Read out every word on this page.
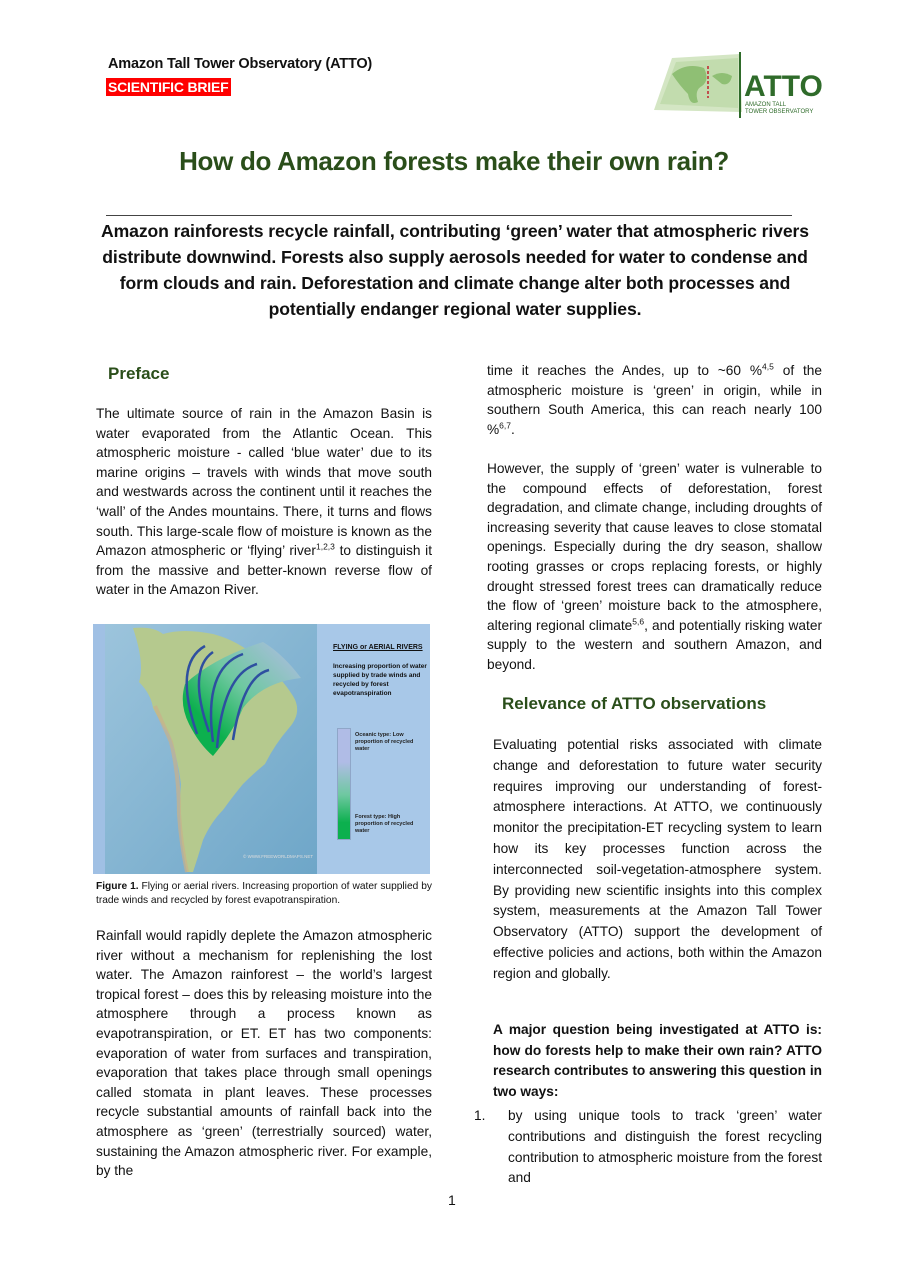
Amazon Tall Tower Observatory (ATTO)
SCIENTIFIC BRIEF	ATTO
AMAZON TALL
TOWER OBSERVATORY
How do Amazon forests make their own rain?
Amazon rainforests recycle rainfall, contributing ‘green’ water that atmospheric rivers distribute downwind. Forests also supply aerosols needed for water to condense and form clouds and rain. Deforestation and climate change alter both processes and potentially endanger regional water supplies.
Preface
The ultimate source of rain in the Amazon Basin is water evaporated from the Atlantic Ocean. This atmospheric moisture - called ‘blue water’ due to its marine origins – travels with winds that move south and westwards across the continent until it reaches the ‘wall’ of the Andes mountains. There, it turns and flows south. This large-scale flow of moisture is known as the Amazon atmospheric or ‘flying’ river$^{1,2,3}$ to distinguish it from the massive and better-known reverse flow of water in the Amazon River.
FLYING or AERIAL RIVERS
Increasing proportion of water supplied by trade winds and recycled by forest evapotranspiration
Oceanic type: Low proportion of recycled water
Forest type: High proportion of recycled water
© WWW.FREEWORLDMAPS.NET
Figure 1. Flying or aerial rivers. Increasing proportion of water supplied by trade winds and recycled by forest evapotranspiration.
Rainfall would rapidly deplete the Amazon atmospheric river without a mechanism for replenishing the lost water. The Amazon rainforest – the world’s largest tropical forest – does this by releasing moisture into the atmosphere through a process known as evapotranspiration, or ET. ET has two components: evaporation of water from surfaces and transpiration, evaporation that takes place through small openings called stomata in plant leaves. These processes recycle substantial amounts of rainfall back into the atmosphere as ‘green’ (terrestrially sourced) water, sustaining the Amazon atmospheric river. For example, by the
time it reaches the Andes, up to ~60 %$^{4,5}$ of the atmospheric moisture is ‘green’ in origin, while in southern South America, this can reach nearly 100 %$^{6,7}$.
However, the supply of ‘green’ water is vulnerable to the compound effects of deforestation, forest degradation, and climate change, including droughts of increasing severity that cause leaves to close stomatal openings. Especially during the dry season, shallow rooting grasses or crops replacing forests, or highly drought stressed forest trees can dramatically reduce the flow of ‘green’ moisture back to the atmosphere, altering regional climate$^{5,6}$, and potentially risking water supply to the western and southern Amazon, and beyond.
Relevance of ATTO observations
Evaluating potential risks associated with climate change and deforestation to future water security requires improving our understanding of forest-atmosphere interactions. At ATTO, we continuously monitor the precipitation-ET recycling system to learn how its key processes function across the interconnected soil-vegetation-atmosphere system. By providing new scientific insights into this complex system, measurements at the Amazon Tall Tower Observatory (ATTO) support the development of effective policies and actions, both within the Amazon region and globally.
A major question being investigated at ATTO is: how do forests help to make their own rain? ATTO research contributes to answering this question in two ways:
1. by using unique tools to track ‘green’ water contributions and distinguish the forest recycling contribution to atmospheric moisture from the forest and
1
